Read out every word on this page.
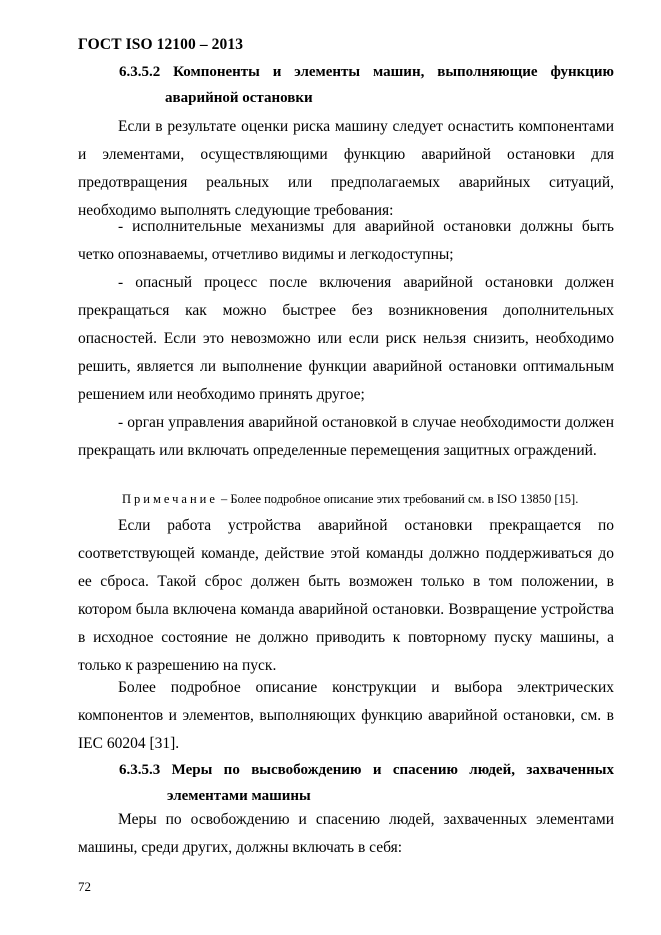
ГОСТ ISO 12100 – 2013
6.3.5.2 Компоненты и элементы машин, выполняющие функцию
аварийной остановки

Если в результате оценки риска машину следует оснастить компонентами и элементами, осуществляющими функцию аварийной остановки для предотвращения реальных или предполагаемых аварийных ситуаций, необходимо выполнять следующие требования:

- исполнительные механизмы для аварийной остановки должны быть четко опознаваемы, отчетливо видимы и легкодоступны;

- опасный процесс после включения аварийной остановки должен прекращаться как можно быстрее без возникновения дополнительных опасностей. Если это невозможно или если риск нельзя снизить, необходимо решить, является ли выполнение функции аварийной остановки оптимальным решением или необходимо принять другое;

- орган управления аварийной остановкой в случае необходимости должен прекращать или включать определенные перемещения защитных ограждений.

Примечание – Более подробное описание этих требований см. в ISO 13850 [15].

Если работа устройства аварийной остановки прекращается по соответствующей команде, действие этой команды должно поддерживаться до ее сброса. Такой сброс должен быть возможен только в том положении, в котором была включена команда аварийной остановки. Возвращение устройства в исходное состояние не должно приводить к повторному пуску машины, а только к разрешению на пуск.

Более подробное описание конструкции и выбора электрических компонентов и элементов, выполняющих функцию аварийной остановки, см. в IEC 60204 [31].

6.3.5.3 Меры по высвобождению и спасению людей, захваченных
элементами машины

Меры по освобождению и спасению людей, захваченных элементами машины, среди других, должны включать в себя:

72
